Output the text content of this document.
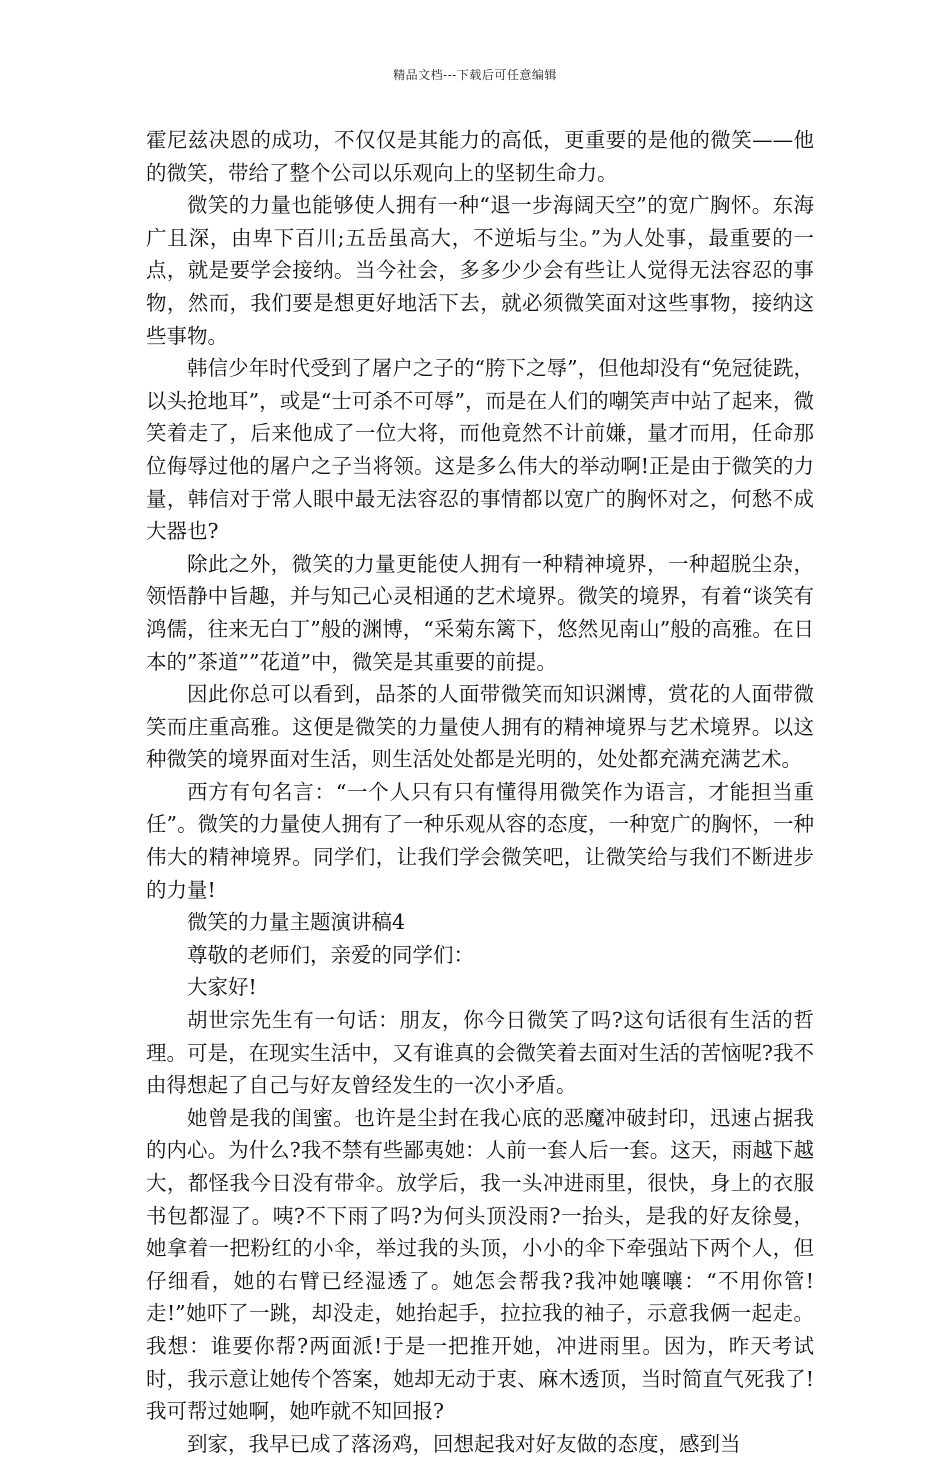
精品文档---下载后可任意编辑

霍尼兹决恩的成功，不仅仅是其能力的高低，更重要的是他的微笑——他的微笑，带给了整个公司以乐观向上的坚韧生命力。

微笑的力量也能够使人拥有一种“退一步海阔天空”的宽广胸怀。东海广且深，由卑下百川;五岳虽高大，不逆垢与尘。”为人处事，最重要的一点，就是要学会接纳。当今社会，多多少少会有些让人觉得无法容忍的事物，然而，我们要是想更好地活下去，就必须微笑面对这些事物，接纳这些事物。

韩信少年时代受到了屠户之子的“胯下之辱”，但他却没有“免冠徒跣，以头抢地耳”，或是“士可杀不可辱”，而是在人们的嘲笑声中站了起来，微笑着走了，后来他成了一位大将，而他竟然不计前嫌，量才而用，任命那位侮辱过他的屠户之子当将领。这是多么伟大的举动啊!正是由于微笑的力量，韩信对于常人眼中最无法容忍的事情都以宽广的胸怀对之，何愁不成大器也?

除此之外，微笑的力量更能使人拥有一种精神境界，一种超脱尘杂，领悟静中旨趣，并与知己心灵相通的艺术境界。微笑的境界，有着“谈笑有鸿儒，往来无白丁”般的渊博，“采菊东篱下，悠然见南山”般的高雅。在日本的”茶道””花道”中，微笑是其重要的前提。

因此你总可以看到，品茶的人面带微笑而知识渊博，赏花的人面带微笑而庄重高雅。这便是微笑的力量使人拥有的精神境界与艺术境界。以这种微笑的境界面对生活，则生活处处都是光明的，处处都充满充满艺术。

西方有句名言：“一个人只有只有懂得用微笑作为语言，才能担当重任”。微笑的力量使人拥有了一种乐观从容的态度，一种宽广的胸怀，一种伟大的精神境界。同学们，让我们学会微笑吧，让微笑给与我们不断进步的力量!

微笑的力量主题演讲稿4

尊敬的老师们，亲爱的同学们：

大家好!

胡世宗先生有一句话：朋友，你今日微笑了吗?这句话很有生活的哲理。可是，在现实生活中，又有谁真的会微笑着去面对生活的苦恼呢?我不由得想起了自己与好友曾经发生的一次小矛盾。

她曾是我的闺蜜。也许是尘封在我心底的恶魔冲破封印，迅速占据我的内心。为什么?我不禁有些鄙夷她：人前一套人后一套。这天，雨越下越大，都怪我今日没有带伞。放学后，我一头冲进雨里，很快，身上的衣服书包都湿了。咦?不下雨了吗?为何头顶没雨?一抬头，是我的好友徐曼，她拿着一把粉红的小伞，举过我的头顶，小小的伞下牵强站下两个人，但仔细看，她的右臂已经湿透了。她怎会帮我?我冲她嚷嚷：“不用你管!走!”她吓了一跳，却没走，她抬起手，拉拉我的袖子，示意我俩一起走。我想：谁要你帮?两面派!于是一把推开她，冲进雨里。因为，昨天考试时，我示意让她传个答案，她却无动于衷、麻木透顶，当时简直气死我了!我可帮过她啊，她咋就不知回报?

到家，我早已成了落汤鸡，回想起我对好友做的态度，感到当
